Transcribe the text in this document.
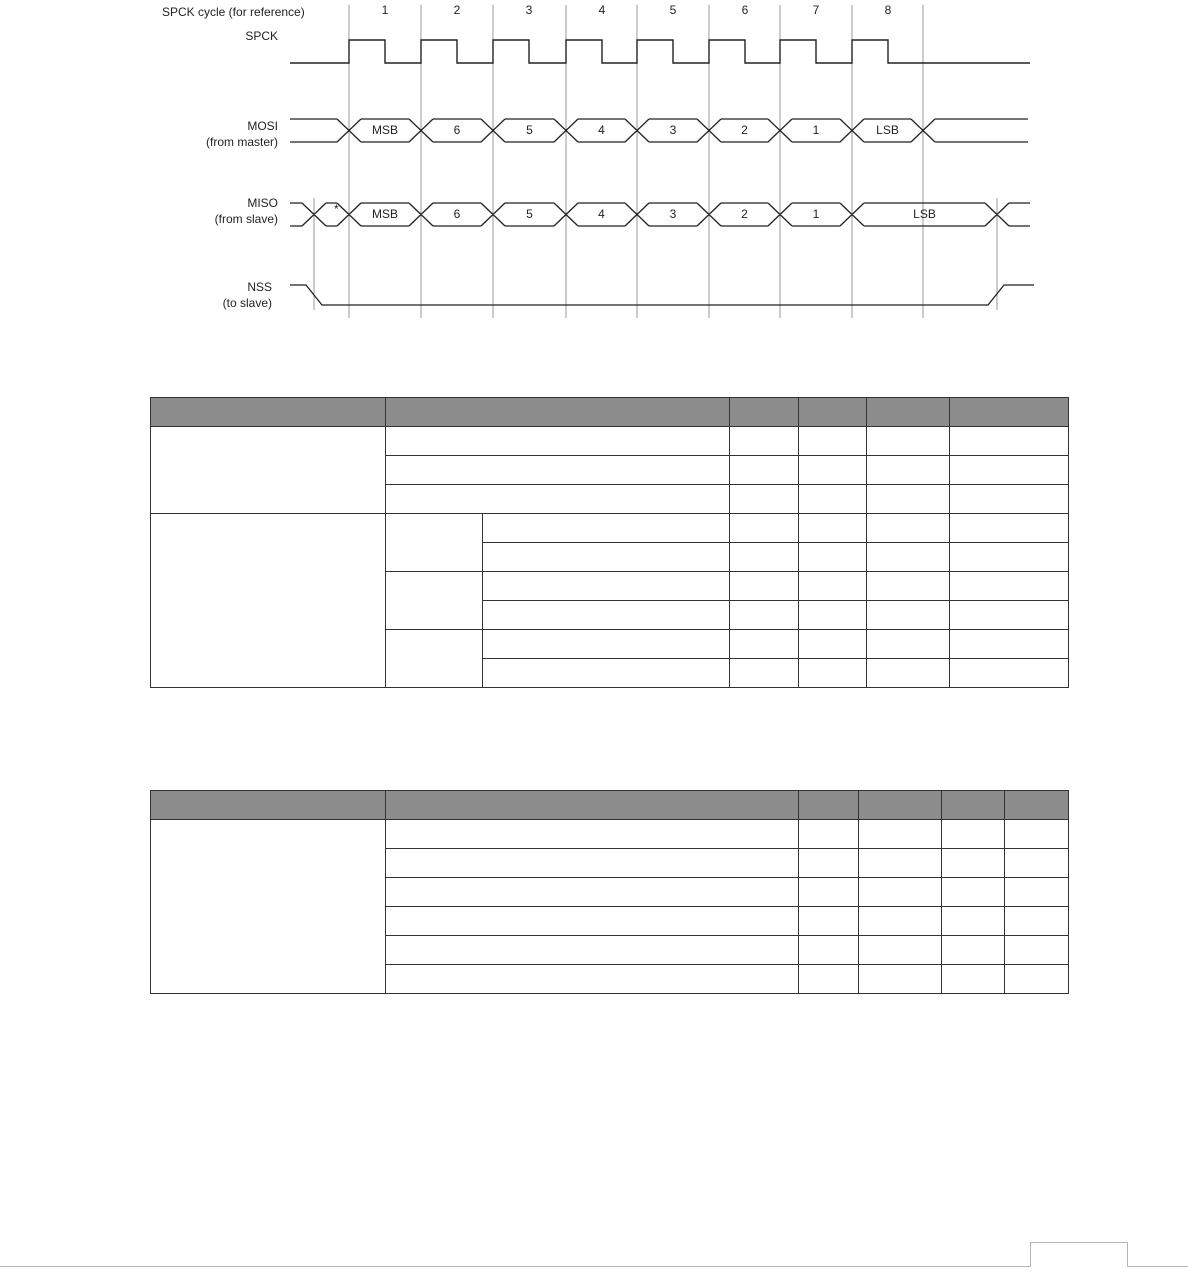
SPCK cycle (for reference)
SPCK
MOSI
(from master)
MISO
(from slave)
*
NSS
(to slave)
1	2	3	4	5	6	7	8
MSB	6	5	4	3	2	1	LSB
MSB	6	5	4	3	2	1	LSB
